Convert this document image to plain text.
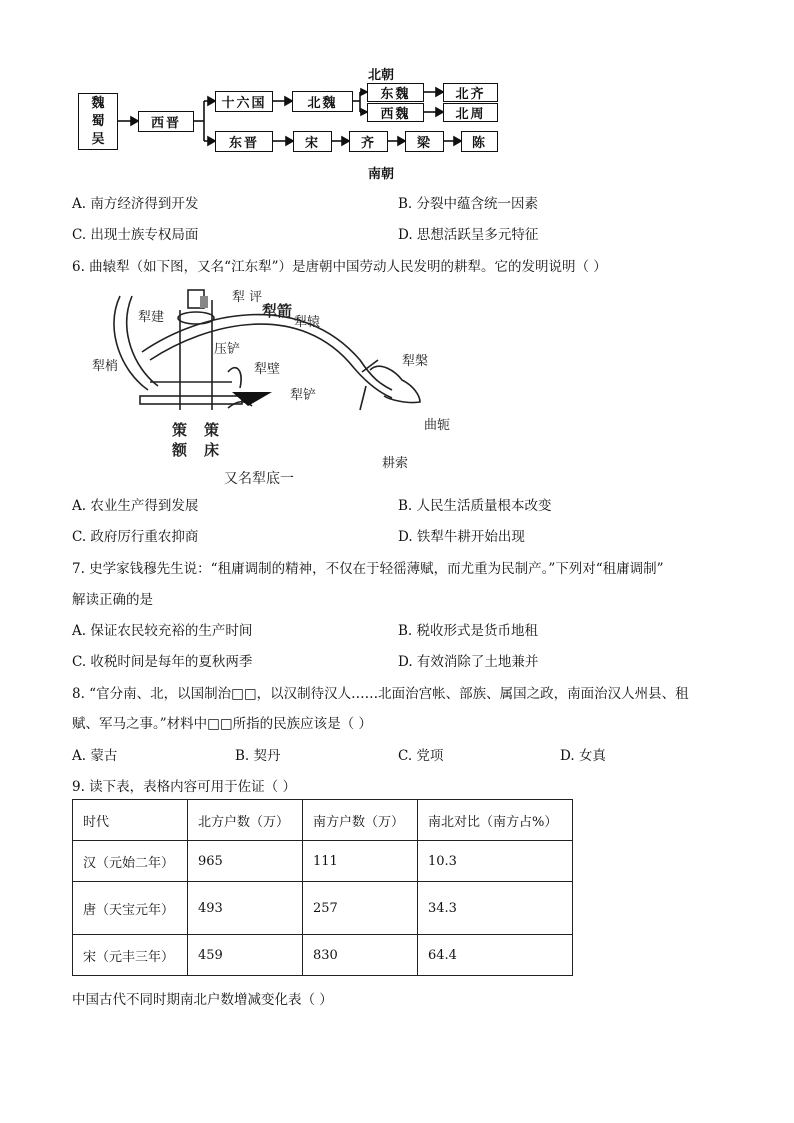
魏
蜀
吴
西晋
十六国	北魏
北朝
东魏
西魏
北齐
北周
东晋	宋	齐	梁	陈
南朝
A. 南方经济得到开发	B. 分裂中蕴含统一因素
C. 出现士族专权局面	D. 思想活跃呈多元特征
6. 曲辕犁（如下图，又名“江东犁”）是唐朝中国劳动人民发明的耕犁。它的发明说明（ ）
犁 评
犁建	犁箭
犁辕
犁梢
压铲
犁壁
犁槃
犁铲
策
额
策
床
曲轭
耕索
又名犁底一
A. 农业生产得到发展	B. 人民生活质量根本改变
C. 政府厉行重农抑商	D. 铁犁牛耕开始出现
7. 史学家钱穆先生说：“租庸调制的精神，不仅在于轻徭薄赋，而尤重为民制产。”下列对“租庸调制”
解读正确的是
A. 保证农民较充裕的生产时间	B. 税收形式是货币地租
C. 收税时间是每年的夏秋两季	D. 有效消除了土地兼并
8. “官分南、北，以国制治□□，以汉制待汉人……北面治宫帐、部族、属国之政，南面治汉人州县、租
赋、军马之事。”材料中□□所指的民族应该是（ ）
A. 蒙古	B. 契丹	C. 党项	D. 女真
9. 读下表，表格内容可用于佐证（ ）
时代	北方户数（万）	南方户数（万）	南北对比（南方占%）
汉（元始二年）	965	111	10.3
唐（天宝元年）	493	257	34.3
宋（元丰三年）	459	830	64.4
中国古代不同时期南北户数增减变化表（ ）
